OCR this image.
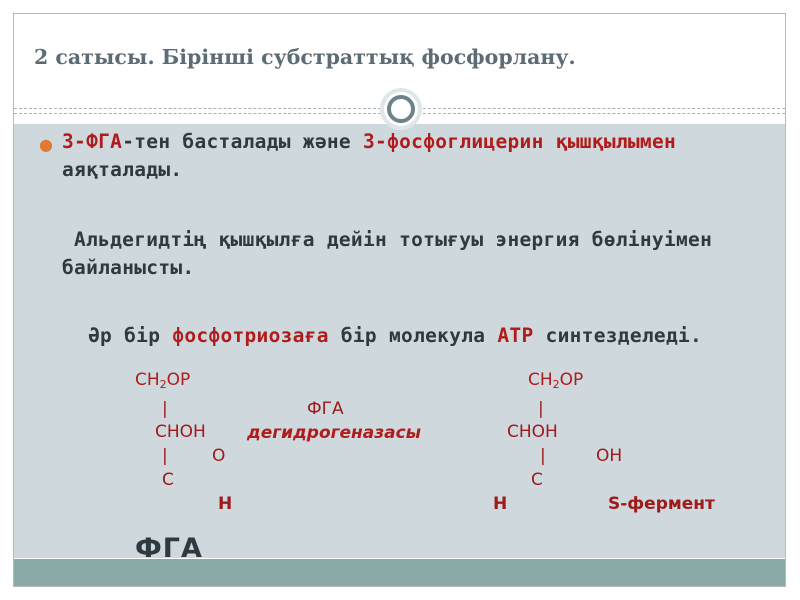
2 сатысы. Бірінші субстраттық фосфорлану.
● 3-ФГА-тен басталады және 3-фосфоглицерин қышқылымен аяқталады.
Альдегидтің қышқылға дейін тотығуы энергия бөлінуімен байланысты.
Әр бір фосфотриозаға бір молекула АТР синтезделеді.
$CH_2OP$
|
CHOH
|	O
C
H
ФГА
дегидрогеназасы
$CH_2OP$
|
CHOH
|	OH
C
H	S-фермент
ФГА
